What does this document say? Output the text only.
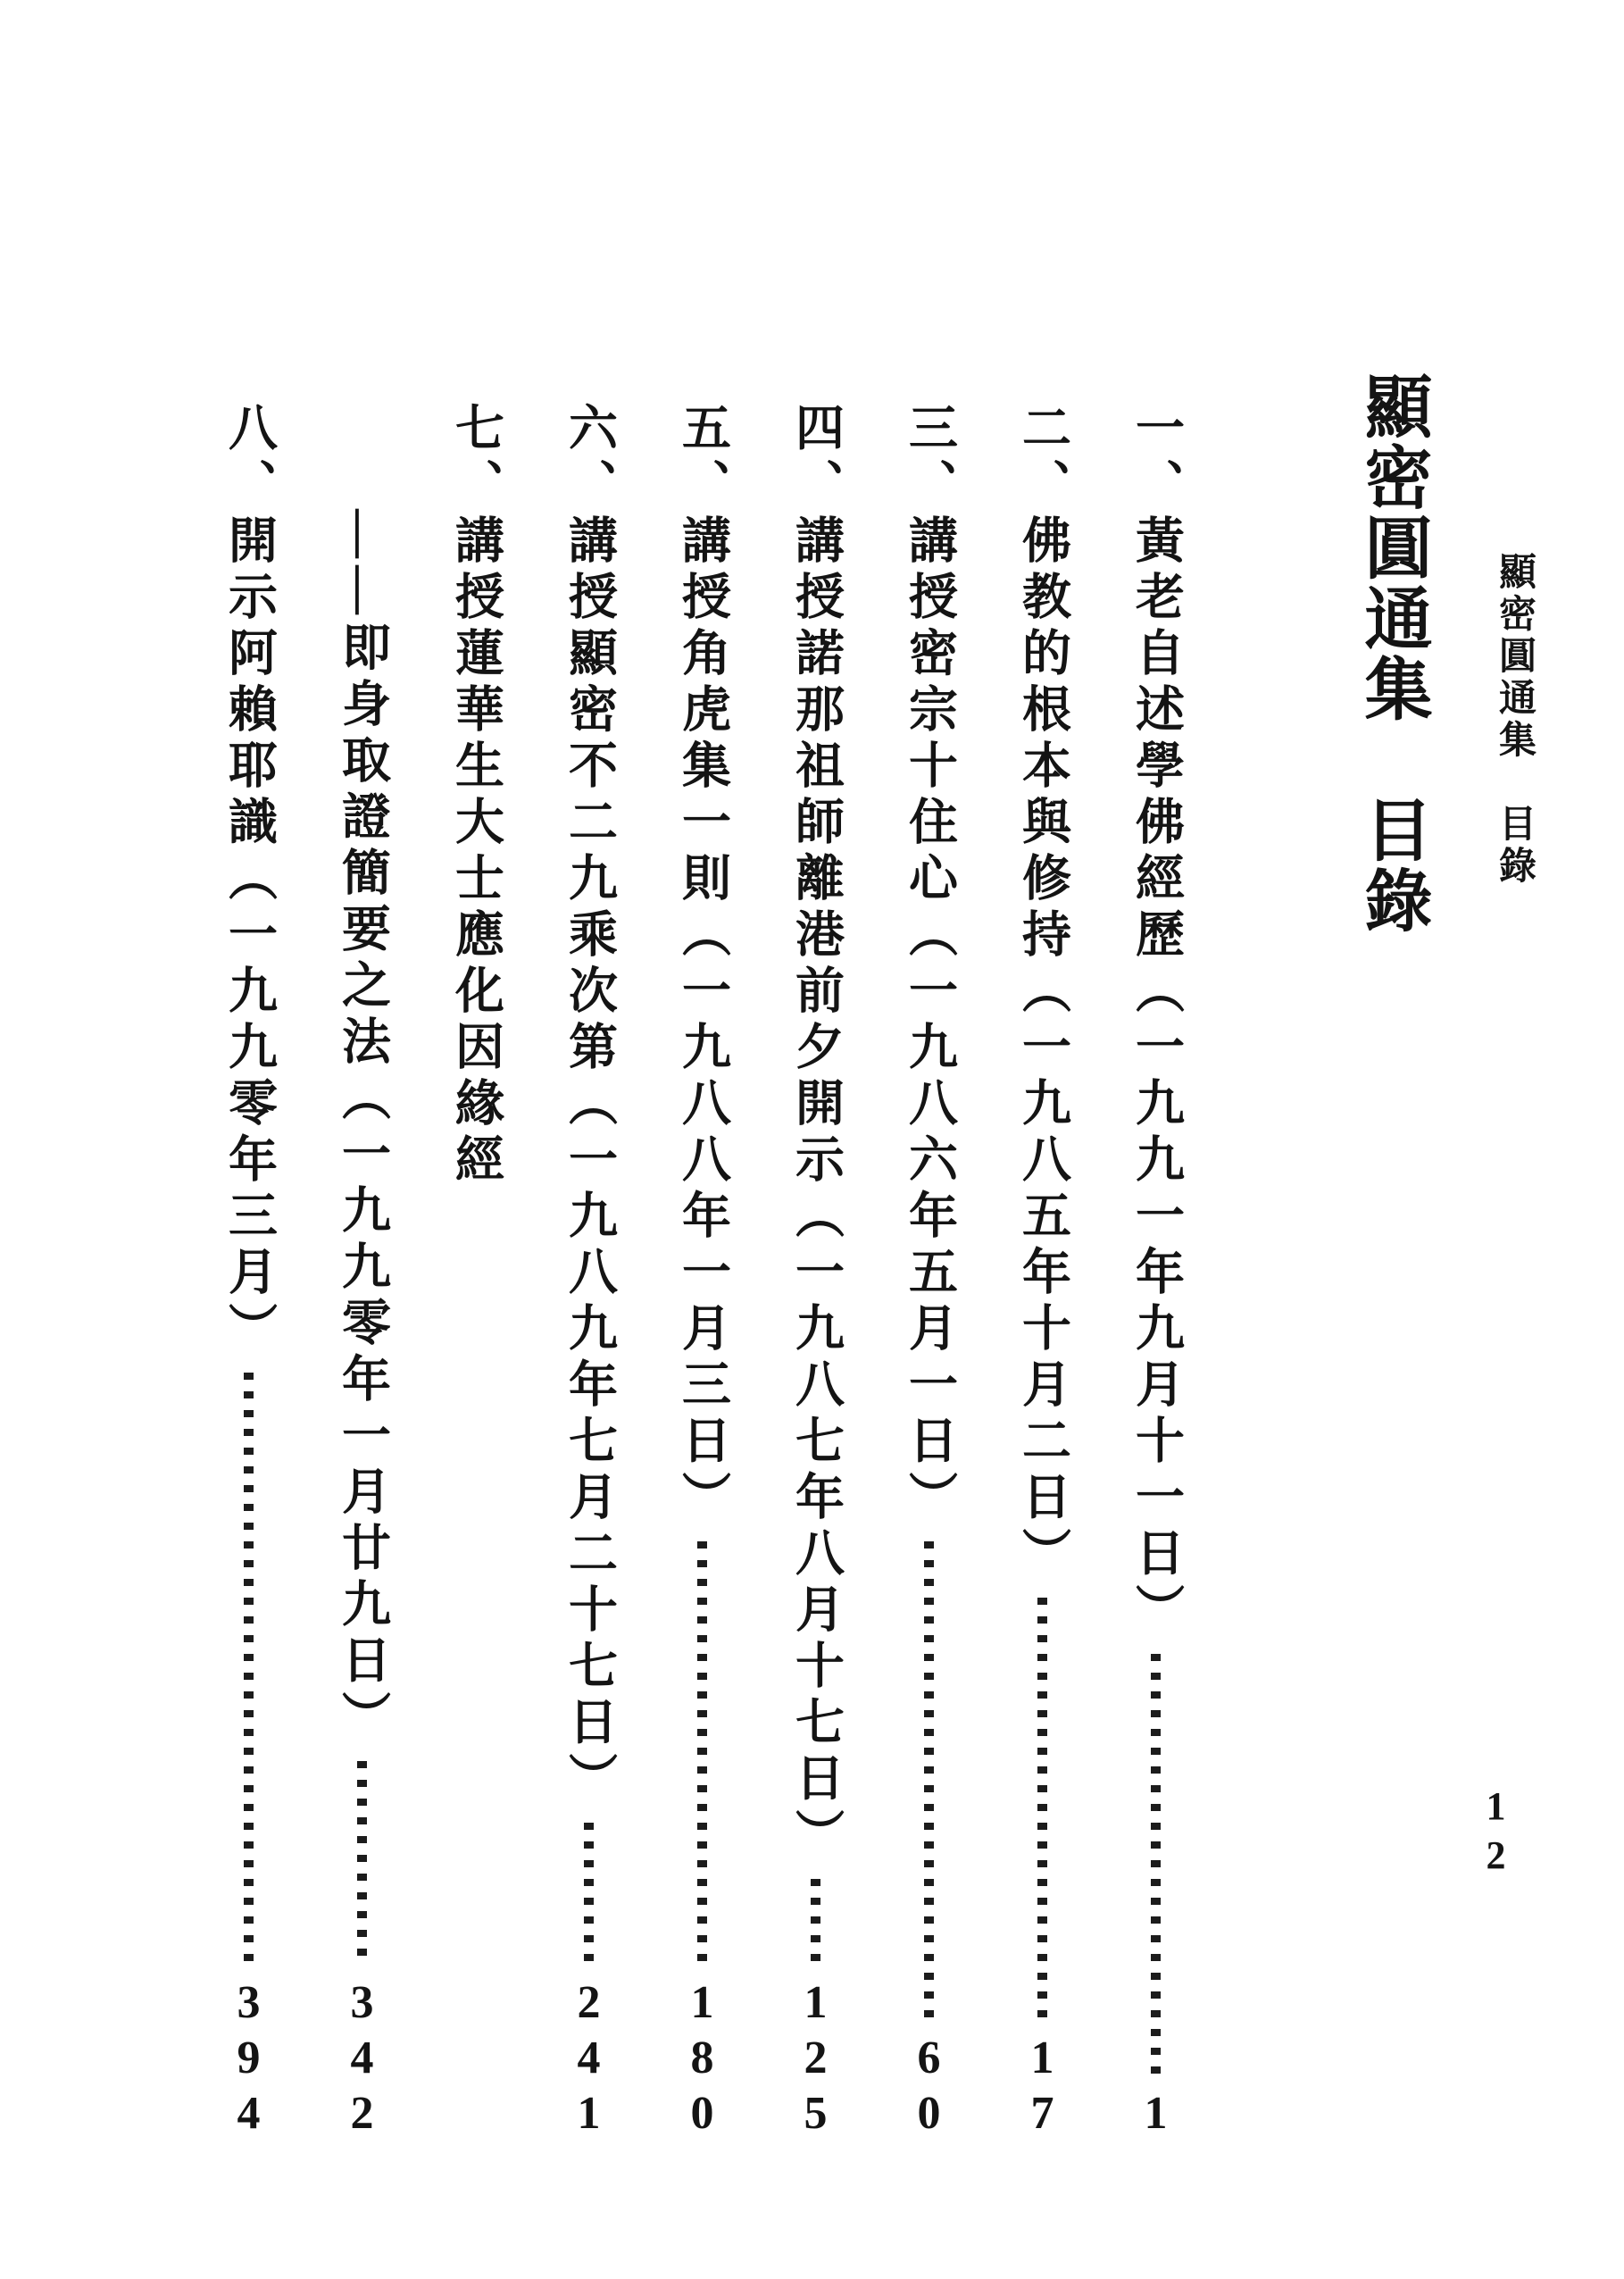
顯密圓通集　目錄 顯密圓通集　目錄
12
一、黃老自述學佛經歷（一九九一年九月十一日）
1
二、佛教的根本與修持（一九八五年十月二日）
17
三、講授密宗十住心（一九八六年五月一日）
60
四、講授諾那祖師離港前夕開示（一九八七年八月十七日）
125
五、講授角虎集一則（一九八八年一月三日）
180
六、講授顯密不二九乘次第（一九八九年七月二十七日）
241
七、講授蓮華生大士應化因緣經
——即身取證簡要之法（一九九零年一月廿九日）
342
八、開示阿賴耶識（一九九零年三月）
394
